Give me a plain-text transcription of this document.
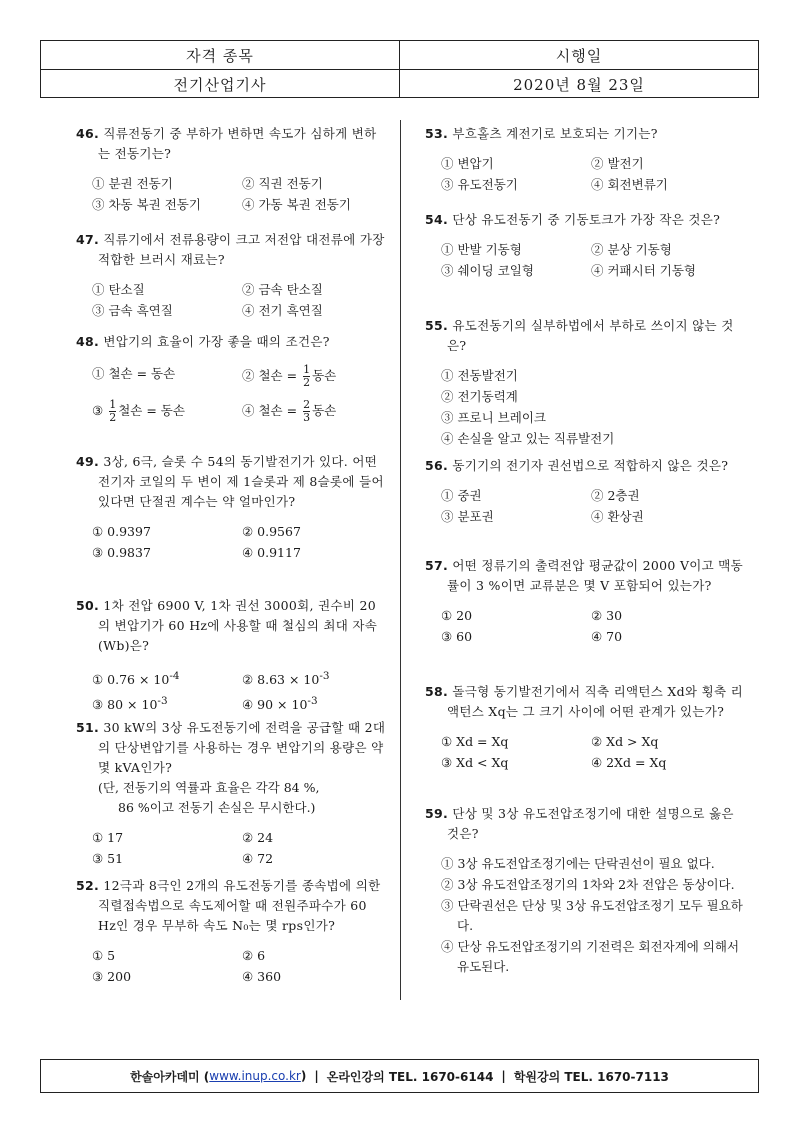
자격 종목	시행일
전기산업기사	2020년 8월 23일
46. 직류전동기 중 부하가 변하면 속도가 심하게 변하는 전동기는?
① 분권 전동기	② 직권 전동기
③ 차동 복권 전동기	④ 가동 복권 전동기
47. 직류기에서 전류용량이 크고 저전압 대전류에 가장 적합한 브러시 재료는?
① 탄소질	② 금속 탄소질
③ 금속 흑연질	④ 전기 흑연질
48. 변압기의 효율이 가장 좋을 때의 조건은?
① 철손 = 동손	② 철손 = $\frac{1}{2}$ 동손
③ $\frac{1}{2}$ 철손 = 동손	④ 철손 = $\frac{2}{3}$ 동손
49. 3상, 6극, 슬롯 수 54의 동기발전기가 있다. 어떤 전기자 코일의 두 변이 제 1슬롯과 제 8슬롯에 들어있다면 단절권 계수는 약 얼마인가?
① 0.9397	② 0.9567
③ 0.9837	④ 0.9117
50. 1차 전압 6900 V, 1차 권선 3000회, 권수비 20의 변압기가 60 Hz에 사용할 때 철심의 최대 자속(Wb)은?
① $0.76 \times 10^{-4}$	② $8.63 \times 10^{-3}$
③ $80 \times 10^{-3}$	④ $90 \times 10^{-3}$
51. 30 kW의 3상 유도전동기에 전력을 공급할 때 2대의 단상변압기를 사용하는 경우 변압기의 용량은 약 몇 kVA인가?
(단, 전동기의 역률과 효율은 각각 84 %,
86 %이고 전동기 손실은 무시한다.)
① 17	② 24
③ 51	④ 72
52. 12극과 8극인 2개의 유도전동기를 종속법에 의한 직렬접속법으로 속도제어할 때 전원주파수가 60 Hz인 경우 무부하 속도 N₀는 몇 rps인가?
① 5	② 6
③ 200	④ 360
53. 부흐홀츠 계전기로 보호되는 기기는?
① 변압기	② 발전기
③ 유도전동기	④ 회전변류기
54. 단상 유도전동기 중 기동토크가 가장 작은 것은?
① 반발 기동형	② 분상 기동형
③ 쉐이딩 코일형	④ 커패시터 기동형
55. 유도전동기의 실부하법에서 부하로 쓰이지 않는 것은?
① 전동발전기
② 전기동력계
③ 프로니 브레이크
④ 손실을 알고 있는 직류발전기
56. 동기기의 전기자 권선법으로 적합하지 않은 것은?
① 중권	② 2층권
③ 분포권	④ 환상권
57. 어떤 정류기의 출력전압 평균값이 2000 V이고 맥동률이 3 %이면 교류분은 몇 V 포함되어 있는가?
① 20	② 30
③ 60	④ 70
58. 돌극형 동기발전기에서 직축 리액턴스 Xd와 횡축 리액턴스 Xq는 그 크기 사이에 어떤 관계가 있는가?
① Xd = Xq	② Xd > Xq
③ Xd < Xq	④ 2Xd = Xq
59. 단상 및 3상 유도전압조정기에 대한 설명으로 옳은 것은?
① 3상 유도전압조정기에는 단락권선이 필요 없다.
② 3상 유도전압조정기의 1차와 2차 전압은 동상이다.
③ 단락권선은 단상 및 3상 유도전압조정기 모두 필요하다.
④ 단상 유도전압조정기의 기전력은 회전자계에 의해서 유도된다.
한솔아카데미 ( www.inup.co.kr ) | 온라인강의 TEL. 1670-6144 | 학원강의 TEL. 1670-7113
